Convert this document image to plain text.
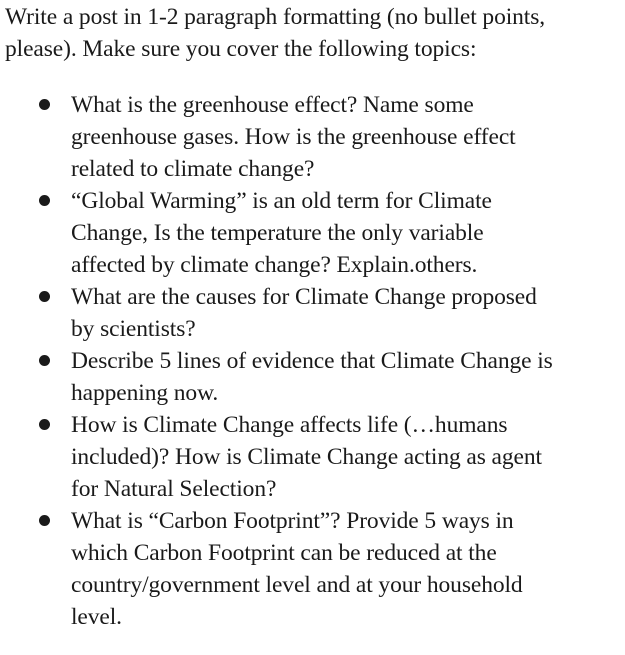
Write a post in 1-2 paragraph formatting (no bullet points,
please). Make sure you cover the following topics:

What is the greenhouse effect? Name some
greenhouse gases. How is the greenhouse effect
related to climate change?
“Global Warming” is an old term for Climate
Change, Is the temperature the only variable
affected by climate change? Explain.others.
What are the causes for Climate Change proposed
by scientists?
Describe 5 lines of evidence that Climate Change is
happening now.
How is Climate Change affects life (…humans
included)? How is Climate Change acting as agent
for Natural Selection?
What is “Carbon Footprint”? Provide 5 ways in
which Carbon Footprint can be reduced at the
country/government level and at your household
level.
